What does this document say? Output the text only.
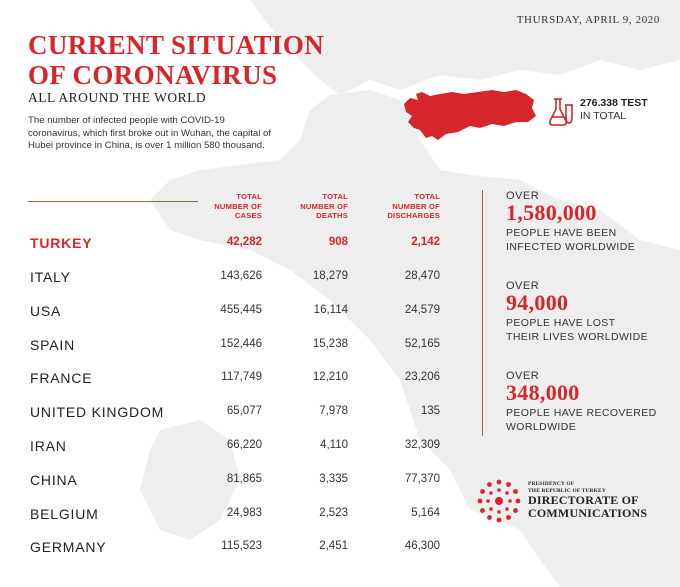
THURSDAY, APRIL 9, 2020
CURRENT SITUATION
OF CORONAVIRUS
ALL AROUND THE WORLD
The number of infected people with COVID-19 coronavirus, which first broke out in Wuhan, the capital of Hubei province in China, is over 1 million 580 thousand.
276.338 TEST
IN TOTAL
TOTAL
NUMBER OF
CASES
TOTAL
NUMBER OF
DEATHS
TOTAL
NUMBER OF
DISCHARGES
TURKEY	42,282	908	2,142
ITALY	143,626	18,279	28,470
USA	455,445	16,114	24,579
SPAIN	152,446	15,238	52,165
FRANCE	117,749	12,210	23,206
UNITED KINGDOM	65,077	7,978	135
IRAN	66,220	4,110	32,309
CHINA	81,865	3,335	77,370
BELGIUM	24,983	2,523	5,164
GERMANY	115,523	2,451	46,300
OVER
1,580,000
PEOPLE HAVE BEEN
INFECTED WORLDWIDE
OVER
94,000
PEOPLE HAVE LOST
THEIR LIVES WORLDWIDE
OVER
348,000
PEOPLE HAVE RECOVERED
WORLDWIDE
PRESIDENCY OF
THE REPUBLIC OF TURKEY
DIRECTORATE OF
COMMUNICATIONS
